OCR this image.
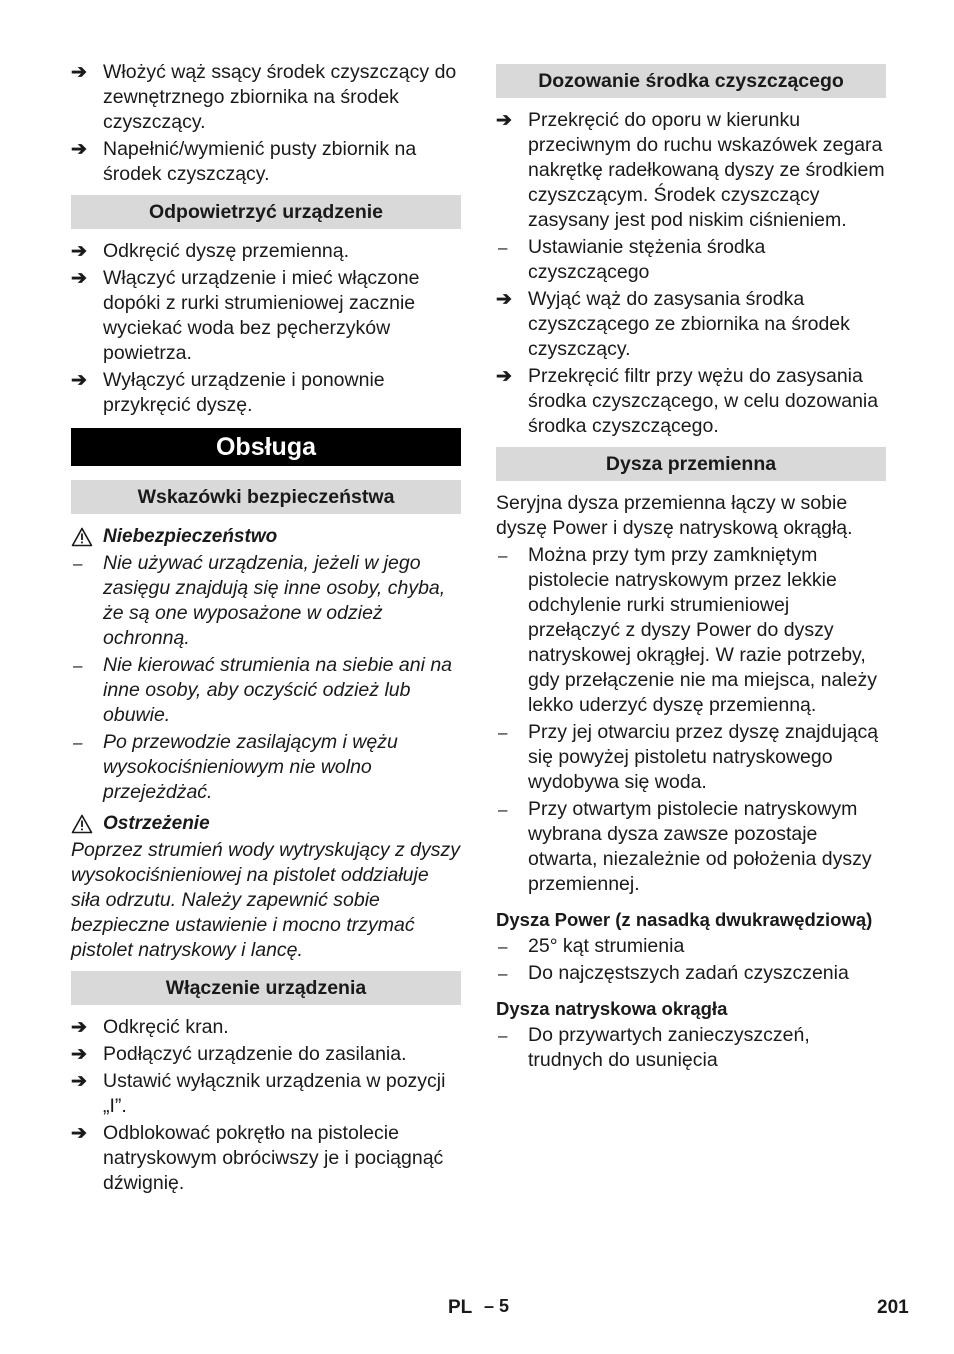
➔ Włożyć wąż ssący środek czyszczący do zewnętrznego zbiornika na środek czyszczący.
➔ Napełnić/wymienić pusty zbiornik na środek czyszczący.
Odpowietrzyć urządzenie
➔ Odkręcić dyszę przemienną.
➔ Włączyć urządzenie i mieć włączone dopóki z rurki strumieniowej zacznie wyciekać woda bez pęcherzyków powietrza.
➔ Wyłączyć urządzenie i ponownie przykręcić dyszę.
Obsługa
Wskazówki bezpieczeństwa
Niebezpieczeństwo
–	Nie używać urządzenia, jeżeli w jego zasięgu znajdują się inne osoby, chyba, że są one wyposażone w odzież ochronną.
–	Nie kierować strumienia na siebie ani na inne osoby, aby oczyścić odzież lub obuwie.
–	Po przewodzie zasilającym i wężu wysokociśnieniowym nie wolno przejeżdżać.
Ostrzeżenie
Poprzez strumień wody wytryskujący z dyszy wysokociśnieniowej na pistolet oddziałuje siła odrzutu. Należy zapewnić sobie bezpieczne ustawienie i mocno trzymać pistolet natryskowy i lancę.
Włączenie urządzenia
➔ Odkręcić kran.
➔ Podłączyć urządzenie do zasilania.
➔ Ustawić wyłącznik urządzenia w pozycji „I”.
➔ Odblokować pokrętło na pistolecie natryskowym obróciwszy je i pociągnąć dźwignię.
Dozowanie środka czyszczącego
➔ Przekręcić do oporu w kierunku przeciwnym do ruchu wskazówek zegara nakrętkę radełkowaną dyszy ze środkiem czyszczącym. Środek czyszczący zasysany jest pod niskim ciśnieniem.
–	Ustawianie stężenia środka czyszczącego
➔ Wyjąć wąż do zasysania środka czyszczącego ze zbiornika na środek czyszczący.
➔ Przekręcić filtr przy wężu do zasysania środka czyszczącego, w celu dozowania środka czyszczącego.
Dysza przemienna
Seryjna dysza przemienna łączy w sobie dyszę Power i dyszę natryskową okrągłą.
–	Można przy tym przy zamkniętym pistolecie natryskowym przez lekkie odchylenie rurki strumieniowej przełączyć z dyszy Power do dyszy natryskowej okrągłej. W razie potrzeby, gdy przełączenie nie ma miejsca, należy lekko uderzyć dyszę przemienną.
–	Przy jej otwarciu przez dyszę znajdującą się powyżej pistoletu natryskowego wydobywa się woda.
–	Przy otwartym pistolecie natryskowym wybrana dysza zawsze pozostaje otwarta, niezależnie od położenia dyszy przemiennej.
Dysza Power (z nasadką dwukrawędziową)
–	25° kąt strumienia
–	Do najczęstszych zadań czyszczenia
Dysza natryskowa okrągła
–	Do przywartych zanieczyszczeń, trudnych do usunięcia
PL – 5	201
